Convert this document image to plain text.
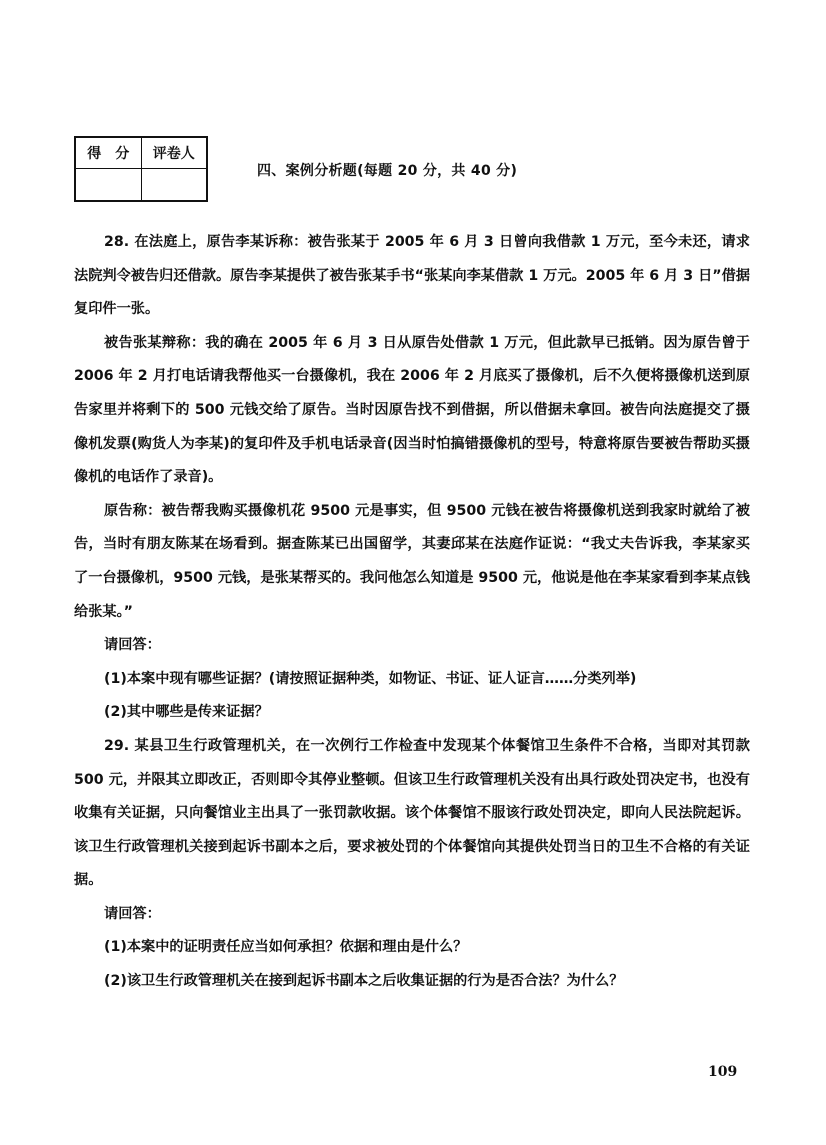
得　分	评卷人

四、案例分析题(每题 20 分，共 40 分)

28. 在法庭上，原告李某诉称：被告张某于 2005 年 6 月 3 日曾向我借款 1 万元，至今未还，请求法院判令被告归还借款。原告李某提供了被告张某手书“张某向李某借款 1 万元。2005 年 6 月 3 日”借据复印件一张。

被告张某辩称：我的确在 2005 年 6 月 3 日从原告处借款 1 万元，但此款早已抵销。因为原告曾于 2006 年 2 月打电话请我帮他买一台摄像机，我在 2006 年 2 月底买了摄像机，后不久便将摄像机送到原告家里并将剩下的 500 元钱交给了原告。当时因原告找不到借据，所以借据未拿回。被告向法庭提交了摄像机发票(购货人为李某)的复印件及手机电话录音(因当时怕搞错摄像机的型号，特意将原告要被告帮助买摄像机的电话作了录音)。

原告称：被告帮我购买摄像机花 9500 元是事实，但 9500 元钱在被告将摄像机送到我家时就给了被告，当时有朋友陈某在场看到。据查陈某已出国留学，其妻邱某在法庭作证说：“我丈夫告诉我，李某家买了一台摄像机，9500 元钱，是张某帮买的。我问他怎么知道是 9500 元，他说是他在李某家看到李某点钱给张某。”

请回答：

(1)本案中现有哪些证据？(请按照证据种类，如物证、书证、证人证言……分类列举)

(2)其中哪些是传来证据？

29. 某县卫生行政管理机关，在一次例行工作检查中发现某个体餐馆卫生条件不合格，当即对其罚款 500 元，并限其立即改正，否则即令其停业整顿。但该卫生行政管理机关没有出具行政处罚决定书，也没有收集有关证据，只向餐馆业主出具了一张罚款收据。该个体餐馆不服该行政处罚决定，即向人民法院起诉。该卫生行政管理机关接到起诉书副本之后，要求被处罚的个体餐馆向其提供处罚当日的卫生不合格的有关证据。

请回答：

(1)本案中的证明责任应当如何承担？依据和理由是什么？

(2)该卫生行政管理机关在接到起诉书副本之后收集证据的行为是否合法？为什么？

109
